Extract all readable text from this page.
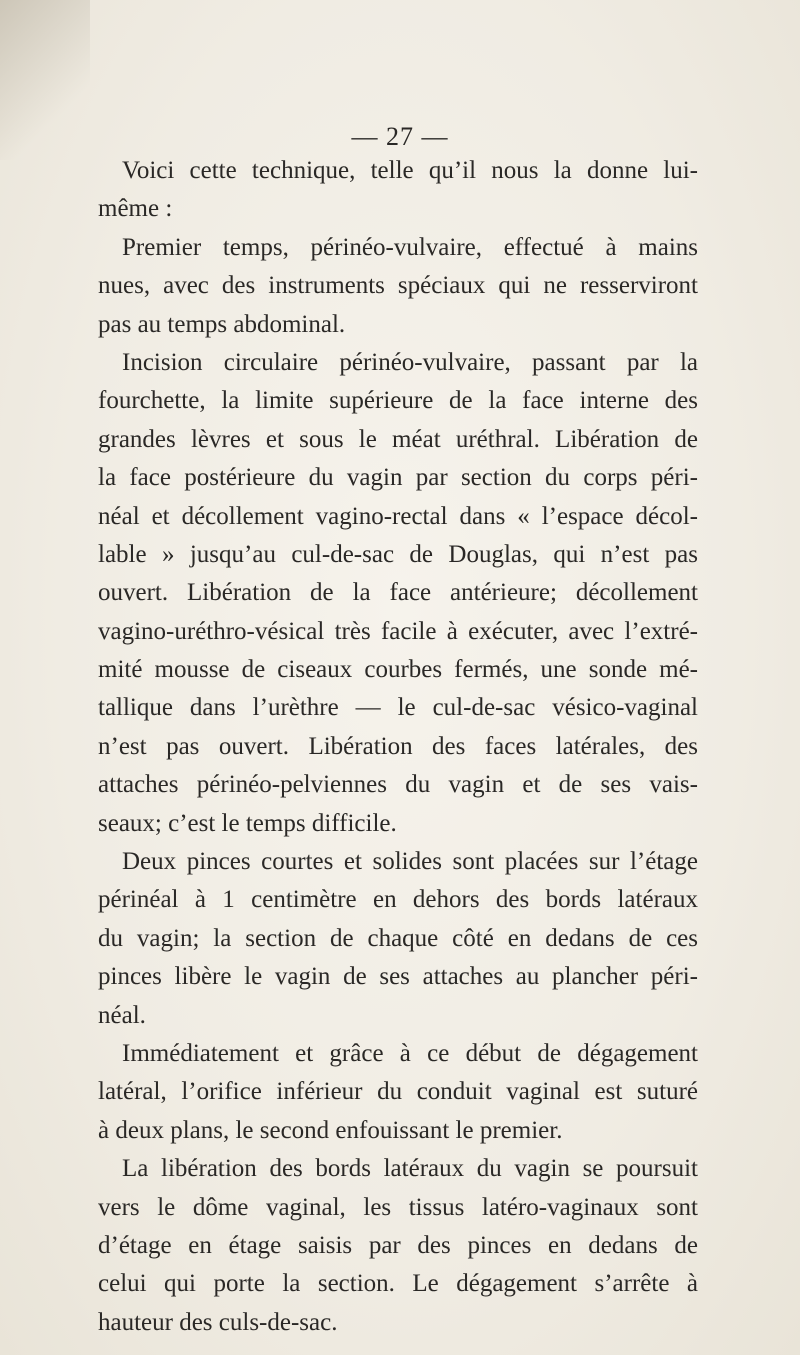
— 27 —
Voici cette technique, telle qu’il nous la donne lui-
même :
Premier temps, périnéo-vulvaire, effectué à mains
nues, avec des instruments spéciaux qui ne resserviront
pas au temps abdominal.
Incision circulaire périnéo-vulvaire, passant par la
fourchette, la limite supérieure de la face interne des
grandes lèvres et sous le méat uréthral. Libération de
la face postérieure du vagin par section du corps péri-
néal et décollement vagino-rectal dans « l’espace décol-
lable » jusqu’au cul-de-sac de Douglas, qui n’est pas
ouvert. Libération de la face antérieure; décollement
vagino-uréthro-vésical très facile à exécuter, avec l’extré-
mité mousse de ciseaux courbes fermés, une sonde mé-
tallique dans l’urèthre — le cul-de-sac vésico-vaginal
n’est pas ouvert. Libération des faces latérales, des
attaches périnéo-pelviennes du vagin et de ses vais-
seaux; c’est le temps difficile.
Deux pinces courtes et solides sont placées sur l’étage
périnéal à 1 centimètre en dehors des bords latéraux
du vagin; la section de chaque côté en dedans de ces
pinces libère le vagin de ses attaches au plancher péri-
néal.
Immédiatement et grâce à ce début de dégagement
latéral, l’orifice inférieur du conduit vaginal est suturé
à deux plans, le second enfouissant le premier.
La libération des bords latéraux du vagin se poursuit
vers le dôme vaginal, les tissus latéro-vaginaux sont
d’étage en étage saisis par des pinces en dedans de
celui qui porte la section. Le dégagement s’arrête à
hauteur des culs-de-sac.
